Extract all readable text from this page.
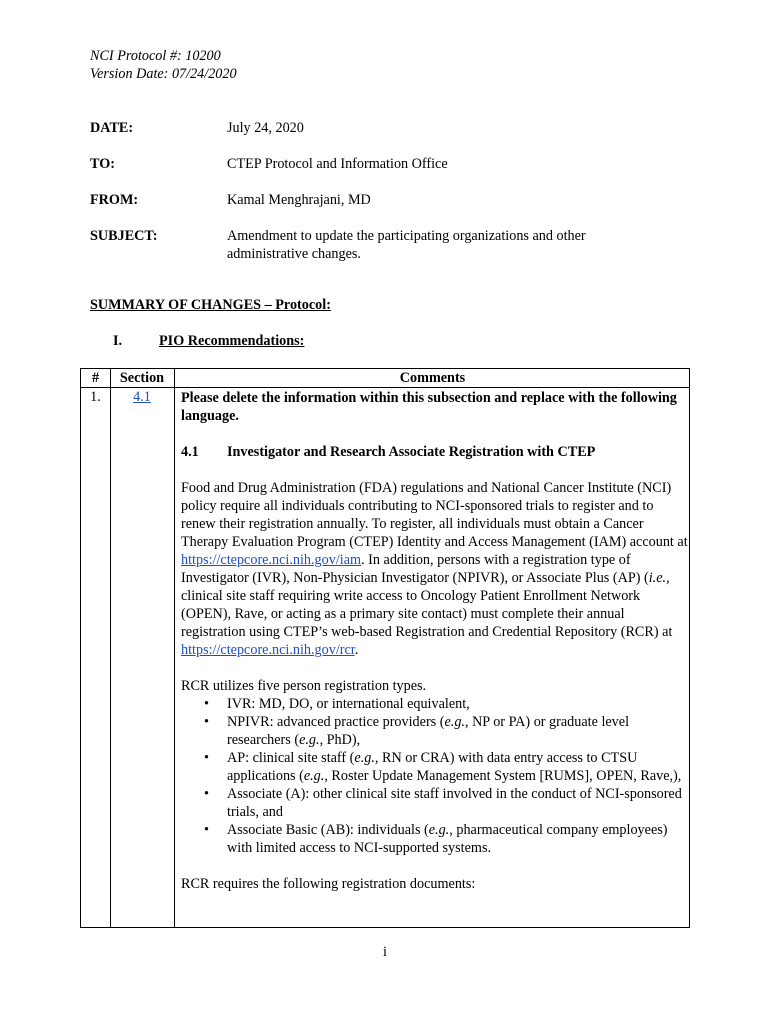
NCI Protocol #: 10200
Version Date: 07/24/2020
DATE:	July 24, 2020
TO:	CTEP Protocol and Information Office
FROM:	Kamal Menghrajani, MD
SUBJECT:	Amendment to update the participating organizations and other administrative changes.
SUMMARY OF CHANGES – Protocol:
I.	PIO Recommendations:
#	Section	Comments
1.	4.1	Please delete the information within this subsection and replace with the following language.

4.1 Investigator and Research Associate Registration with CTEP

Food and Drug Administration (FDA) regulations and National Cancer Institute (NCI) policy require all individuals contributing to NCI-sponsored trials to register and to renew their registration annually. To register, all individuals must obtain a Cancer Therapy Evaluation Program (CTEP) Identity and Access Management (IAM) account at https://ctepcore.nci.nih.gov/iam. In addition, persons with a registration type of Investigator (IVR), Non-Physician Investigator (NPIVR), or Associate Plus (AP) (i.e., clinical site staff requiring write access to Oncology Patient Enrollment Network (OPEN), Rave, or acting as a primary site contact) must complete their annual registration using CTEP’s web-based Registration and Credential Repository (RCR) at https://ctepcore.nci.nih.gov/rcr.

RCR utilizes five person registration types.

• IVR: MD, DO, or international equivalent,
• NPIVR: advanced practice providers (e.g., NP or PA) or graduate level researchers (e.g., PhD),
• AP: clinical site staff (e.g., RN or CRA) with data entry access to CTSU applications (e.g., Roster Update Management System [RUMS], OPEN, Rave,),
• Associate (A): other clinical site staff involved in the conduct of NCI-sponsored trials, and
• Associate Basic (AB): individuals (e.g., pharmaceutical company employees) with limited access to NCI-supported systems.

RCR requires the following registration documents:

i
